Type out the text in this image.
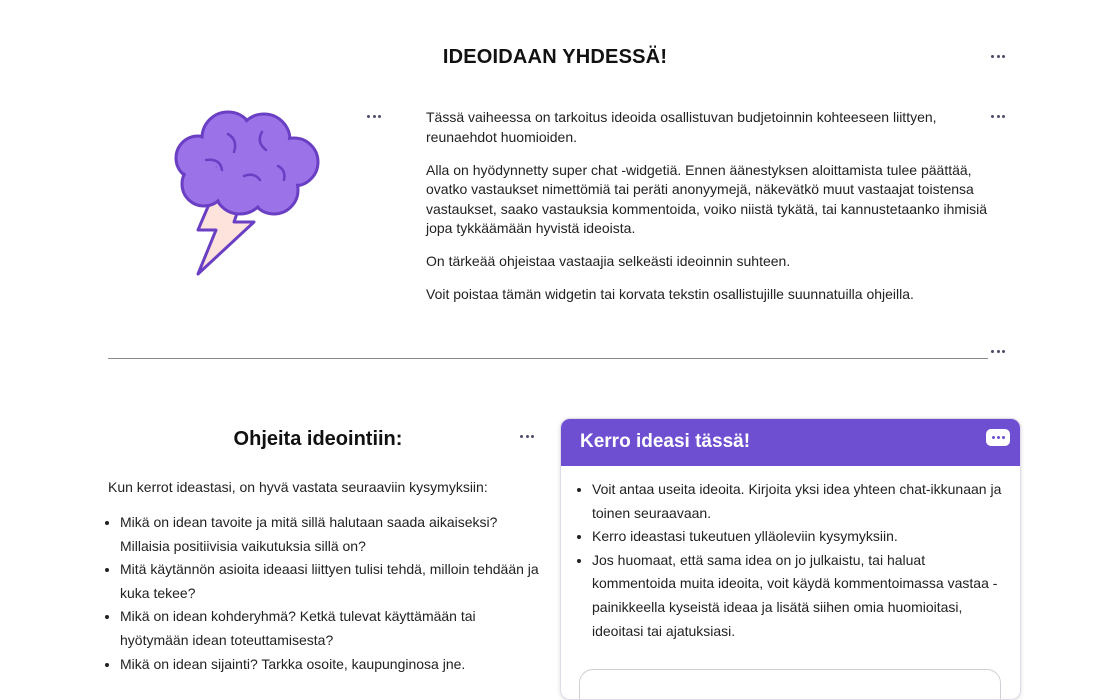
IDEOIDAAN YHDESSÄ!

Tässä vaiheessa on tarkoitus ideoida osallistuvan budjetoinnin kohteeseen liittyen, reunaehdot huomioiden.

Alla on hyödynnetty super chat -widgetiä. Ennen äänestyksen aloittamista tulee päättää, ovatko vastaukset nimettömiä tai peräti anonyymejä, näkevätkö muut vastaajat toistensa vastaukset, saako vastauksia kommentoida, voiko niistä tykätä, tai kannustetaanko ihmisiä jopa tykkäämään hyvistä ideoista.

On tärkeää ohjeistaa vastaajia selkeästi ideoinnin suhteen.

Voit poistaa tämän widgetin tai korvata tekstin osallistujille suunnatuilla ohjeilla.

Ohjeita ideointiin:
Kun kerrot ideastasi, on hyvä vastata seuraaviin kysymyksiin:
• Mikä on idean tavoite ja mitä sillä halutaan saada aikaiseksi? Millaisia positiivisia vaikutuksia sillä on?
• Mitä käytännön asioita ideaasi liittyen tulisi tehdä, milloin tehdään ja kuka tekee?
• Mikä on idean kohderyhmä? Ketkä tulevat käyttämään tai hyötymään idean toteuttamisesta?
• Mikä on idean sijainti? Tarkka osoite, kaupunginosa jne.
Kerro ideasi tässä!
• Voit antaa useita ideoita. Kirjoita yksi idea yhteen chat-ikkunaan ja toinen seuraavaan.
• Kerro ideastasi tukeutuen ylläoleviin kysymyksiin.
• Jos huomaat, että sama idea on jo julkaistu, tai haluat kommentoida muita ideoita, voit käydä kommentoimassa vastaa -painikkeella kyseistä ideaa ja lisätä siihen omia huomioitasi, ideoitasi tai ajatuksiasi.
